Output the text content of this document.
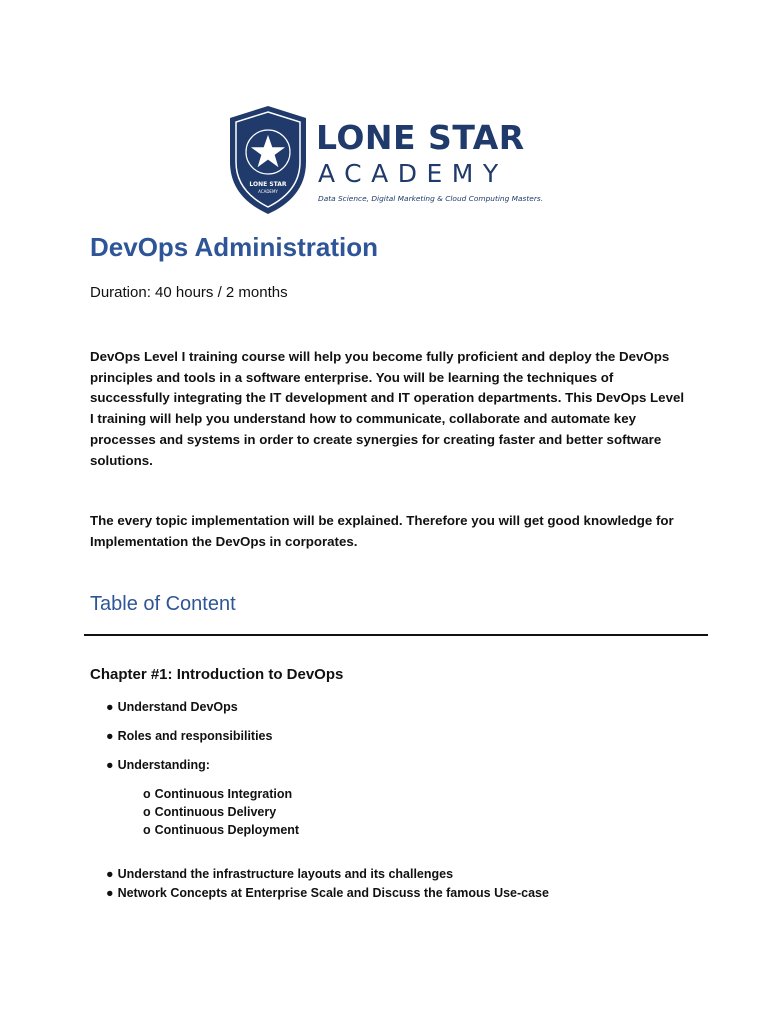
LONE STAR
ACADEMY
LONE STAR
ACADEMY
Data Science, Digital Marketing & Cloud Computing Masters.
DevOps Administration

Duration: 40 hours / 2 months

DevOps Level I training course will help you become fully proficient and deploy the DevOps principles and tools in a software enterprise. You will be learning the techniques of successfully integrating the IT development and IT operation departments. This DevOps Level I training will help you understand how to communicate, collaborate and automate key processes and systems in order to create synergies for creating faster and better software solutions.

The every topic implementation will be explained. Therefore you will get good knowledge for Implementation the DevOps in corporates.

Table of Content
Chapter #1: Introduction to DevOps

● Understand DevOps

● Roles and responsibilities

● Understanding:

o Continuous Integration

o Continuous Delivery

o Continuous Deployment

● Understand the infrastructure layouts and its challenges

● Network Concepts at Enterprise Scale and Discuss the famous Use-case
